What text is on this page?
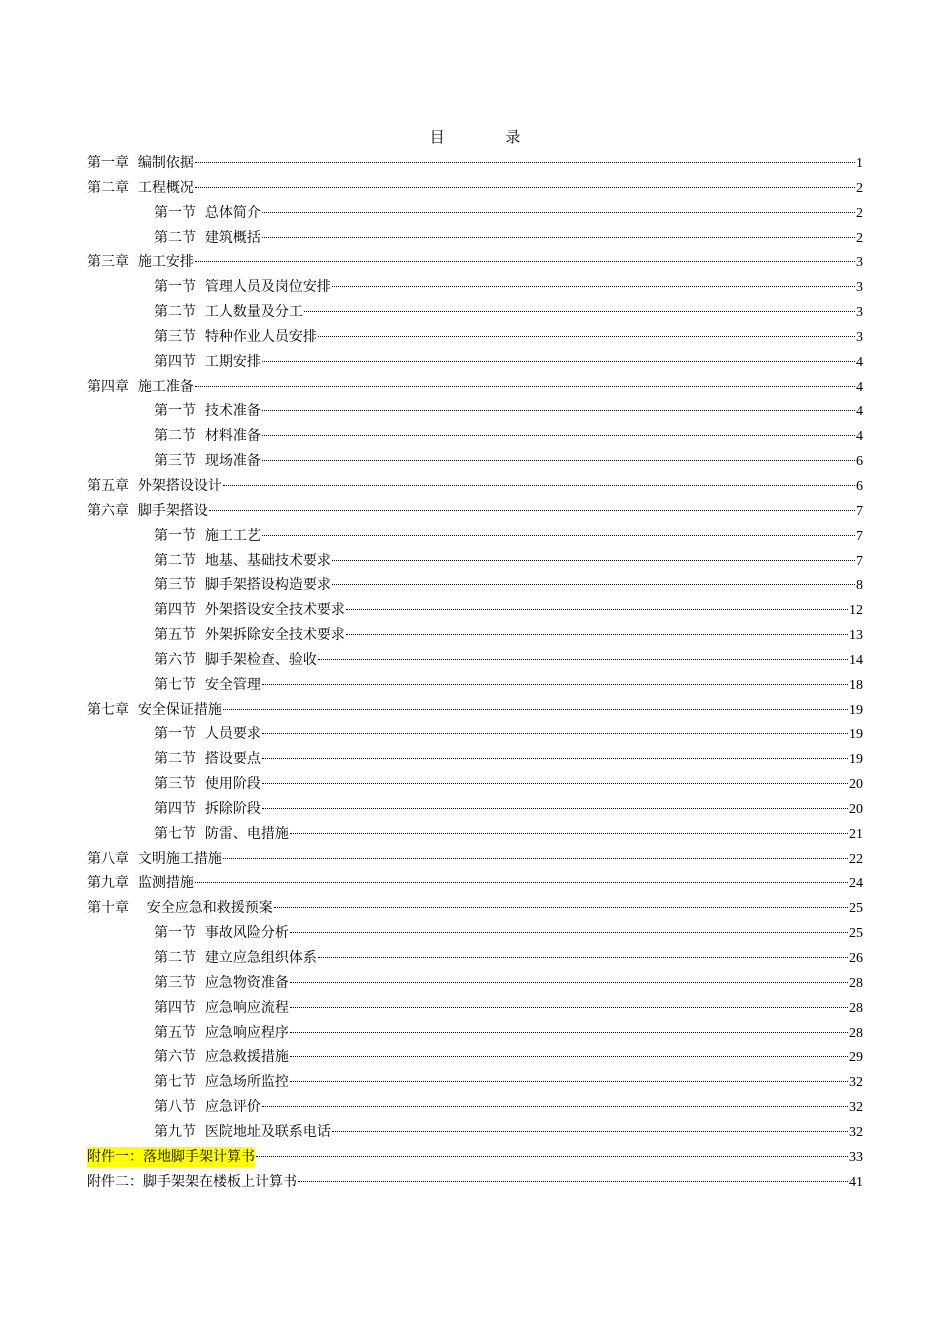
目 录
第一章  编制依据	1
第二章  工程概况	2
第一节  总体简介	2
第二节  建筑概括	2
第三章  施工安排	3
第一节  管理人员及岗位安排	3
第二节  工人数量及分工	3
第三节  特种作业人员安排	3
第四节  工期安排	4
第四章  施工准备	4
第一节  技术准备	4
第二节  材料准备	4
第三节  现场准备	6
第五章  外架搭设设计	6
第六章  脚手架搭设	7
第一节  施工工艺	7
第二节  地基、基础技术要求	7
第三节  脚手架搭设构造要求	8
第四节  外架搭设安全技术要求	12
第五节  外架拆除安全技术要求	13
第六节  脚手架检查、验收	14
第七节  安全管理	18
第七章  安全保证措施	19
第一节  人员要求	19
第二节  搭设要点	19
第三节  使用阶段	20
第四节  拆除阶段	20
第七节  防雷、电措施	21
第八章  文明施工措施	22
第九章  监测措施	24
第十章    安全应急和救援预案	25
第一节  事故风险分析	25
第二节  建立应急组织体系	26
第三节  应急物资准备	28
第四节  应急响应流程	28
第五节  应急响应程序	28
第六节  应急救援措施	29
第七节  应急场所监控	32
第八节  应急评价	32
第九节  医院地址及联系电话	32
附件一：落地脚手架计算书	33
附件二：脚手架架在楼板上计算书	41
